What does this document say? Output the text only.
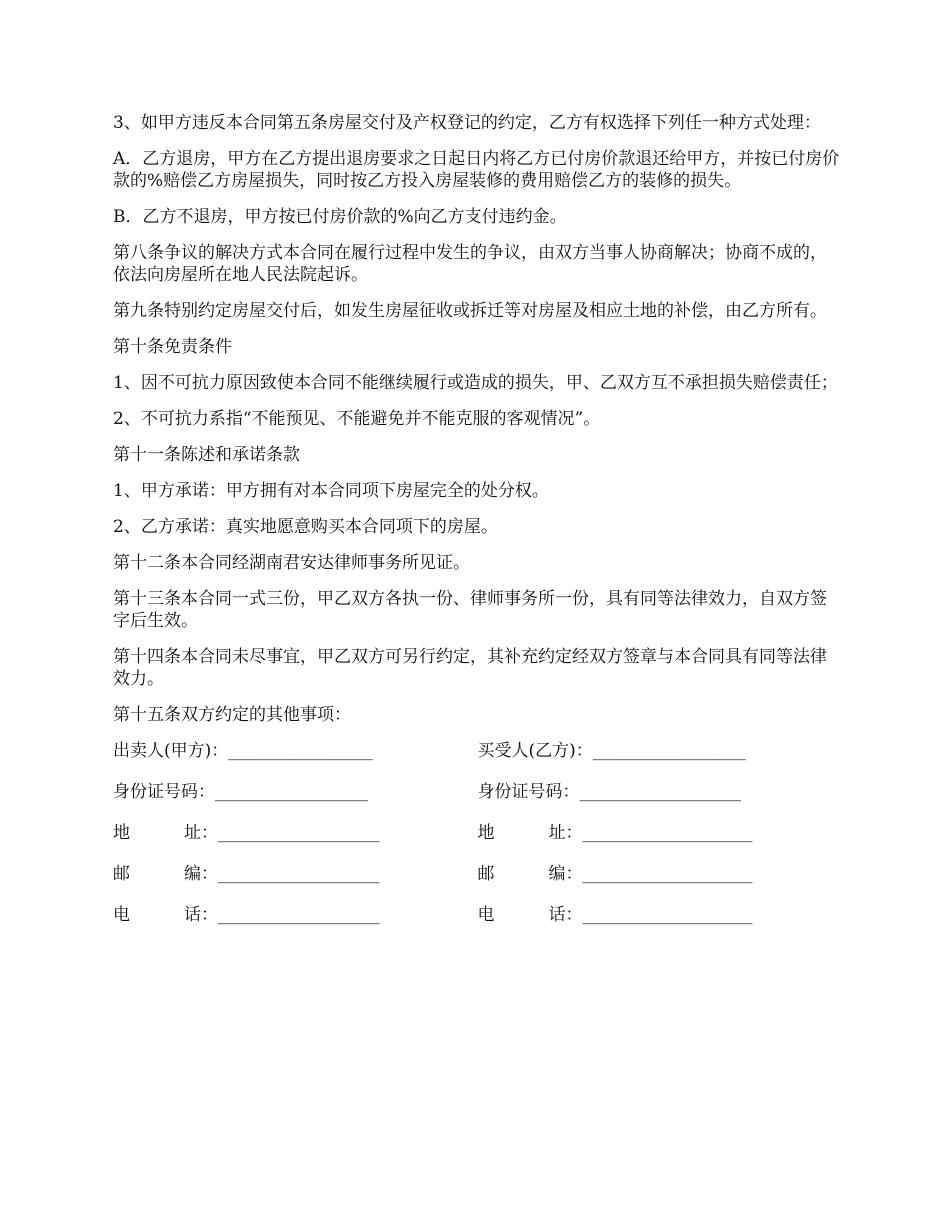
3、如甲方违反本合同第五条房屋交付及产权登记的约定，乙方有权选择下列任一种方式处理：

A．乙方退房，甲方在乙方提出退房要求之日起日内将乙方已付房价款退还给甲方，并按已付房价款的%赔偿乙方房屋损失，同时按乙方投入房屋装修的费用赔偿乙方的装修的损失。

B．乙方不退房，甲方按已付房价款的%向乙方支付违约金。

第八条争议的解决方式本合同在履行过程中发生的争议，由双方当事人协商解决；协商不成的，依法向房屋所在地人民法院起诉。

第九条特别约定房屋交付后，如发生房屋征收或拆迁等对房屋及相应土地的补偿，由乙方所有。

第十条免责条件

1、因不可抗力原因致使本合同不能继续履行或造成的损失，甲、乙双方互不承担损失赔偿责任；

2、不可抗力系指“不能预见、不能避免并不能克服的客观情况”。

第十一条陈述和承诺条款

1、甲方承诺：甲方拥有对本合同项下房屋完全的处分权。

2、乙方承诺：真实地愿意购买本合同项下的房屋。

第十二条本合同经湖南君安达律师事务所见证。

第十三条本合同一式三份，甲乙双方各执一份、律师事务所一份，具有同等法律效力，自双方签字后生效。

第十四条本合同未尽事宜，甲乙双方可另行约定，其补充约定经双方签章与本合同具有同等法律效力。

第十五条双方约定的其他事项：

出卖人(甲方)：_________________	买受人(乙方)：__________________
身份证号码：__________________	身份证号码：___________________
地          址：___________________	地          址：____________________
邮          编：___________________	邮          编：____________________
电          话：___________________	电          话：____________________
